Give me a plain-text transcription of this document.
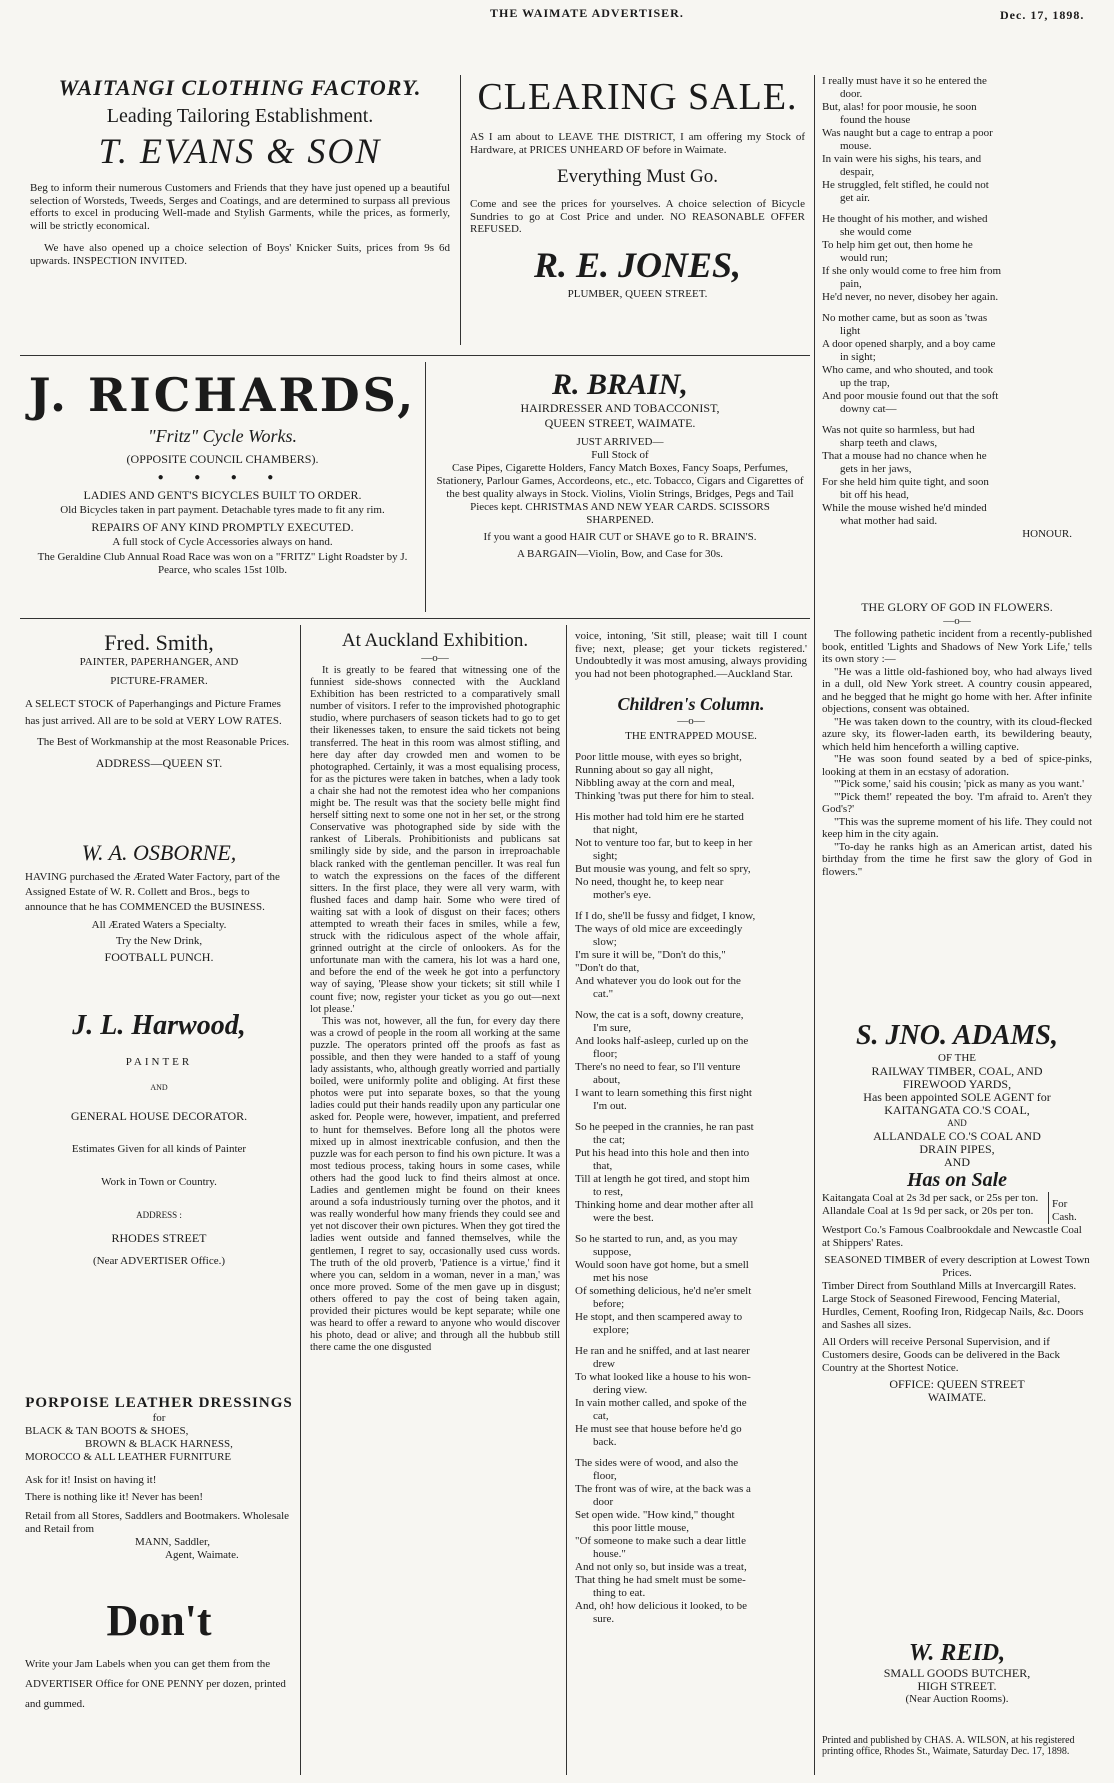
THE WAIMATE ADVERTISER.	Dec. 17, 1898.
WAITANGI CLOTHING FACTORY.
Leading Tailoring Establishment.
T. EVANS & SON

Beg to inform their numerous Customers and Friends that they have just opened up a beautiful selection of Worsteds, Tweeds, Serges and Coatings, and are determined to surpass all previous efforts to excel in producing Well-made and Stylish Garments, while the prices, as formerly, will be strictly economical.

We have also opened up a choice selection of Boys' Knicker Suits, prices from 9s 6d upwards. INSPECTION INVITED.

CLEARING SALE.

AS I am about to LEAVE THE DISTRICT, I am offering my Stock of Hardware, at PRICES UNHEARD OF before in Waimate.

Everything Must Go.

Come and see the prices for yourselves. A choice selection of Bicycle Sundries to go at Cost Price and under. NO REASONABLE OFFER REFUSED.

R. E. JONES,
PLUMBER, QUEEN STREET.
J. RICHARDS,
"Fritz" Cycle Works.
(OPPOSITE COUNCIL CHAMBERS).
● ● ● ●
LADIES AND GENT'S BICYCLES BUILT TO ORDER.
Old Bicycles taken in part payment. Detachable tyres made to fit any rim.
REPAIRS OF ANY KIND PROMPTLY EXECUTED.
A full stock of Cycle Accessories always on hand.
The Geraldine Club Annual Road Race was won on a "FRITZ" Light Roadster by J. Pearce, who scales 15st 10lb.
R. BRAIN,
HAIRDRESSER AND TOBACCONIST,
QUEEN STREET, WAIMATE.
JUST ARRIVED—
Full Stock of

Case Pipes, Cigarette Holders, Fancy Match Boxes, Fancy Soaps, Perfumes, Stationery, Parlour Games, Accordeons, etc., etc. Tobacco, Cigars and Cigarettes of the best quality always in Stock. Violins, Violin Strings, Bridges, Pegs and Tail Pieces kept. CHRISTMAS AND NEW YEAR CARDS. SCISSORS SHARPENED.

If you want a good HAIR CUT or SHAVE go to R. BRAIN'S.
A BARGAIN—Violin, Bow, and Case for 30s.
I really must have it so he entered the
door.
But, alas! for poor mousie, he soon
found the house
Was naught but a cage to entrap a poor
mouse.
In vain were his sighs, his tears, and
despair,
He struggled, felt stifled, he could not
get air.
He thought of his mother, and wished
she would come
To help him get out, then home he
would run;
If she only would come to free him from
pain,
He'd never, no never, disobey her again.
No mother came, but as soon as 'twas
light
A door opened sharply, and a boy came
in sight;
Who came, and who shouted, and took
up the trap,
And poor mousie found out that the soft
downy cat—
Was not quite so harmless, but had
sharp teeth and claws,
That a mouse had no chance when he
gets in her jaws,
For she held him quite tight, and soon
bit off his head,
While the mouse wished he'd minded
what mother had said.
HONOUR.
THE GLORY OF GOD IN FLOWERS.
—o—

The following pathetic incident from a recently-published book, entitled 'Lights and Shadows of New York Life,' tells its own story :—

"He was a little old-fashioned boy, who had always lived in a dull, old New York street. A country cousin appeared, and he begged that he might go home with her. After infinite objections, consent was obtained.

"He was taken down to the country, with its cloud-flecked azure sky, its flower-laden earth, its bewildering beauty, which held him henceforth a willing captive.

"He was soon found seated by a bed of spice-pinks, looking at them in an ecstasy of adoration.

"'Pick some,' said his cousin; 'pick as many as you want.'

"'Pick them!' repeated the boy. 'I'm afraid to. Aren't they God's?'

"This was the supreme moment of his life. They could not keep him in the city again.

"To-day he ranks high as an American artist, dated his birthday from the time he first saw the glory of God in flowers."

S. JNO. ADAMS,
OF THE
RAILWAY TIMBER, COAL, AND
FIREWOOD YARDS,
Has been appointed SOLE AGENT for
KAITANGATA CO.'S COAL,
AND
ALLANDALE CO.'S COAL AND
DRAIN PIPES,
AND
Has on Sale
Kaitangata Coal at 2s 3d per sack, or 25s per ton.
Allandale Coal at 1s 9d per sack, or 20s per ton.
For Cash.
Westport Co.'s Famous Coalbrookdale and Newcastle Coal at Shippers' Rates.
SEASONED TIMBER of every description at Lowest Town Prices.
Timber Direct from Southland Mills at Invercargill Rates.
Large Stock of Seasoned Firewood, Fencing Material, Hurdles, Cement, Roofing Iron, Ridgecap Nails, &c. Doors and Sashes all sizes.
All Orders will receive Personal Supervision, and if Customers desire, Goods can be delivered in the Back Country at the Shortest Notice.
OFFICE: QUEEN STREET
WAIMATE.
W. REID,
SMALL GOODS BUTCHER,
HIGH STREET.
(Near Auction Rooms).
Printed and published by CHAS. A. WILSON, at his registered printing office, Rhodes St., Waimate, Saturday Dec. 17, 1898.
Fred. Smith,
PAINTER, PAPERHANGER, AND
PICTURE-FRAMER.

A SELECT STOCK of Paperhangings and Picture Frames has just arrived. All are to be sold at VERY LOW RATES.

The Best of Workmanship at the most Reasonable Prices.

ADDRESS—QUEEN ST.
W. A. OSBORNE,

HAVING purchased the Ærated Water Factory, part of the Assigned Estate of W. R. Collett and Bros., begs to announce that he has COMMENCED the BUSINESS.

All Ærated Waters a Specialty.
Try the New Drink,
FOOTBALL PUNCH.
J. L. Harwood,
PAINTER
AND
GENERAL HOUSE DECORATOR.
Estimates Given for all kinds of Painter
Work in Town or Country.
ADDRESS :
RHODES STREET
(Near ADVERTISER Office.)
PORPOISE LEATHER DRESSINGS
for
BLACK & TAN BOOTS & SHOES,
BROWN & BLACK HARNESS,
MOROCCO & ALL LEATHER FURNITURE
Ask for it! Insist on having it!
There is nothing like it! Never has been!
Retail from all Stores, Saddlers and Bootmakers. Wholesale and Retail from
MANN, Saddler,
Agent, Waimate.
Don't

Write your Jam Labels when you can get them from the ADVERTISER Office for ONE PENNY per dozen, printed and gummed.

At Auckland Exhibition.
—o—

It is greatly to be feared that witnessing one of the funniest side-shows connected with the Auckland Exhibition has been restricted to a comparatively small number of visitors. I refer to the improvished photographic studio, where purchasers of season tickets had to go to get their likenesses taken, to ensure the said tickets not being transferred. The heat in this room was almost stifling, and here day after day crowded men and women to be photographed. Certainly, it was a most equalising process, for as the pictures were taken in batches, when a lady took a chair she had not the remotest idea who her companions might be. The result was that the society belle might find herself sitting next to some one not in her set, or the strong Conservative was photographed side by side with the rankest of Liberals. Prohibitionists and publicans sat smilingly side by side, and the parson in irreproachable black ranked with the gentleman penciller. It was real fun to watch the expressions on the faces of the different sitters. In the first place, they were all very warm, with flushed faces and damp hair. Some who were tired of waiting sat with a look of disgust on their faces; others attempted to wreath their faces in smiles, while a few, struck with the ridiculous aspect of the whole affair, grinned outright at the circle of onlookers. As for the unfortunate man with the camera, his lot was a hard one, and before the end of the week he got into a perfunctory way of saying, 'Please show your tickets; sit still while I count five; now, register your ticket as you go out—next lot please.'

This was not, however, all the fun, for every day there was a crowd of people in the room all working at the same puzzle. The operators printed off the proofs as fast as possible, and then they were handed to a staff of young lady assistants, who, although greatly worried and partially boiled, were uniformly polite and obliging. At first these photos were put into separate boxes, so that the young ladies could put their hands readily upon any particular one asked for. People were, however, impatient, and preferred to hunt for themselves. Before long all the photos were mixed up in almost inextricable confusion, and then the puzzle was for each person to find his own picture. It was a most tedious process, taking hours in some cases, while others had the good luck to find theirs almost at once. Ladies and gentlemen might be found on their knees around a sofa industriously turning over the photos, and it was really wonderful how many friends they could see and yet not discover their own pictures. When they got tired the ladies went outside and fanned themselves, while the gentlemen, I regret to say, occasionally used cuss words. The truth of the old proverb, 'Patience is a virtue,' find it where you can, seldom in a woman, never in a man,' was once more proved. Some of the men gave up in disgust; others offered to pay the cost of being taken again, provided their pictures would be kept separate; while one was heard to offer a reward to anyone who would discover his photo, dead or alive; and through all the hubbub still there came the one disgusted

voice, intoning, 'Sit still, please; wait till I count five; next, please; get your tickets registered.' Undoubtedly it was most amusing, always providing you had not been photographed.—Auckland Star.

Children's Column.
—o—
THE ENTRAPPED MOUSE.
Poor little mouse, with eyes so bright,
Running about so gay all night,
Nibbling away at the corn and meal,
Thinking 'twas put there for him to steal.
His mother had told him ere he started
that night,
Not to venture too far, but to keep in her
sight;
But mousie was young, and felt so spry,
No need, thought he, to keep near
mother's eye.
If I do, she'll be fussy and fidget, I know,
The ways of old mice are exceedingly
slow;
I'm sure it will be, "Don't do this,"
"Don't do that,
And whatever you do look out for the
cat."
Now, the cat is a soft, downy creature,
I'm sure,
And looks half-asleep, curled up on the
floor;
There's no need to fear, so I'll venture
about,
I want to learn something this first night
I'm out.
So he peeped in the crannies, he ran past
the cat;
Put his head into this hole and then into
that,
Till at length he got tired, and stopt him
to rest,
Thinking home and dear mother after all
were the best.
So he started to run, and, as you may
suppose,
Would soon have got home, but a smell
met his nose
Of something delicious, he'd ne'er smelt
before;
He stopt, and then scampered away to
explore;
He ran and he sniffed, and at last nearer
drew
To what looked like a house to his won-
dering view.
In vain mother called, and spoke of the
cat,
He must see that house before he'd go
back.
The sides were of wood, and also the
floor,
The front was of wire, at the back was a
door
Set open wide. "How kind," thought
this poor little mouse,
"Of someone to make such a dear little
house."
And not only so, but inside was a treat,
That thing he had smelt must be some-
thing to eat.
And, oh! how delicious it looked, to be
sure.
